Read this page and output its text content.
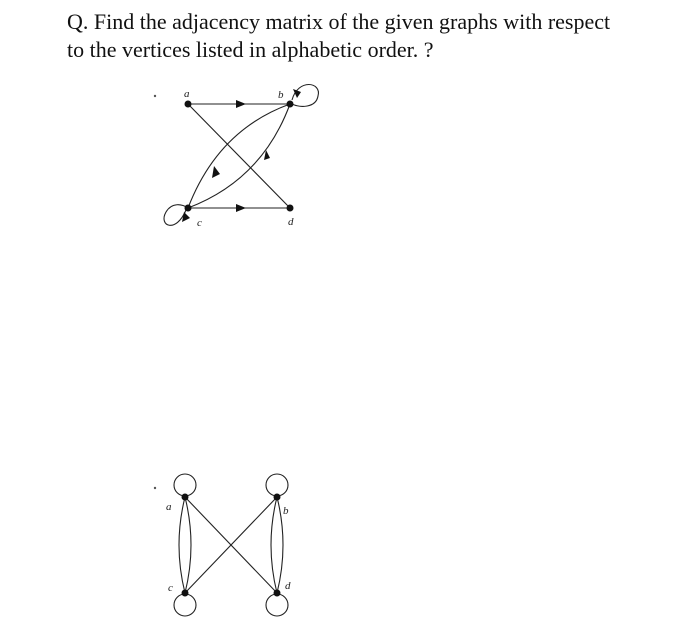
Q. Find the adjacency matrix of the given graphs with respect to the vertices listed in alphabetic order. ?

a	b
c	d
a	b
c	d
